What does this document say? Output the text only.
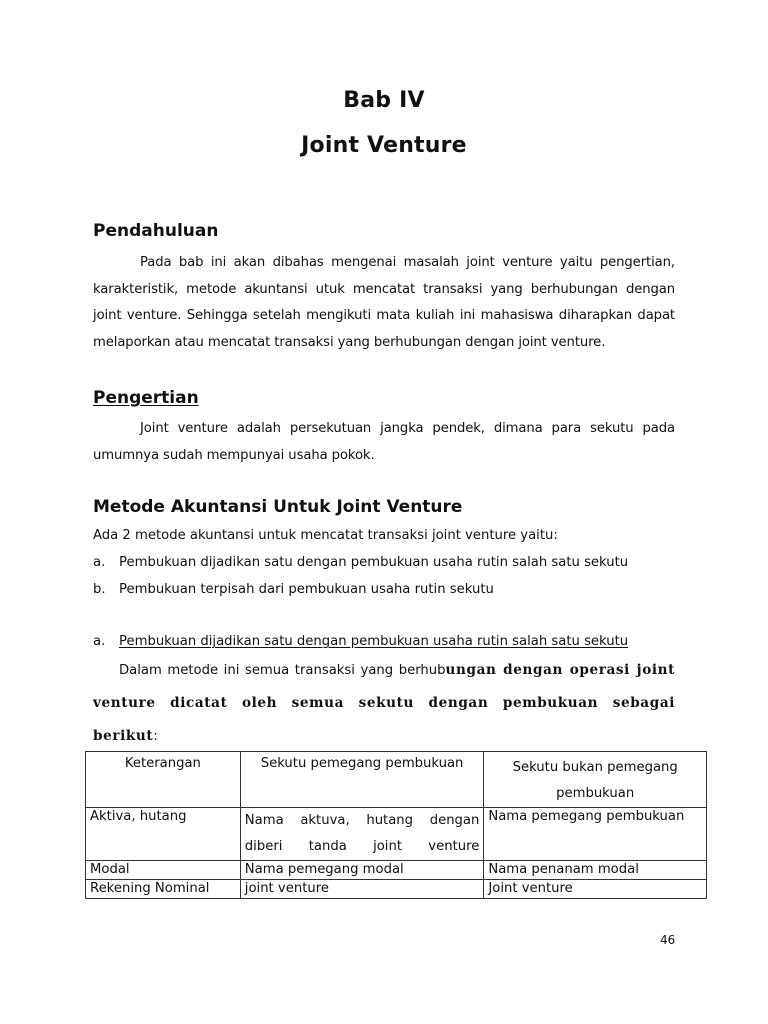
Bab IV
Joint Venture
Pendahuluan

Pada bab ini akan dibahas mengenai masalah joint venture yaitu pengertian, karakteristik, metode akuntansi utuk mencatat transaksi yang berhubungan dengan joint venture. Sehingga setelah mengikuti mata kuliah ini mahasiswa diharapkan dapat melaporkan atau mencatat transaksi yang berhubungan dengan joint venture.

Pengertian

Joint venture adalah persekutuan jangka pendek, dimana para sekutu pada umumnya sudah mempunyai usaha pokok.

Metode Akuntansi Untuk Joint Venture
Ada 2 metode akuntansi untuk mencatat transaksi joint venture yaitu:
a. Pembukuan dijadikan satu dengan pembukuan usaha rutin salah satu sekutu
b. Pembukuan terpisah dari pembukuan usaha rutin sekutu
a. Pembukuan dijadikan satu dengan pembukuan usaha rutin salah satu sekutu

Dalam metode ini semua transaksi yang berhubungan dengan operasi joint venture dicatat oleh semua sekutu dengan pembukuan sebagai berikut:

Keterangan	Sekutu pemegang pembukuan	Sekutu bukan pemegang pembukuan
Aktiva, hutang	Nama aktuva, hutang dengan diberi tanda joint venture	Nama pemegang pembukuan
Modal	Nama pemegang modal	Nama penanam modal
Rekening Nominal	joint venture	Joint venture
46
